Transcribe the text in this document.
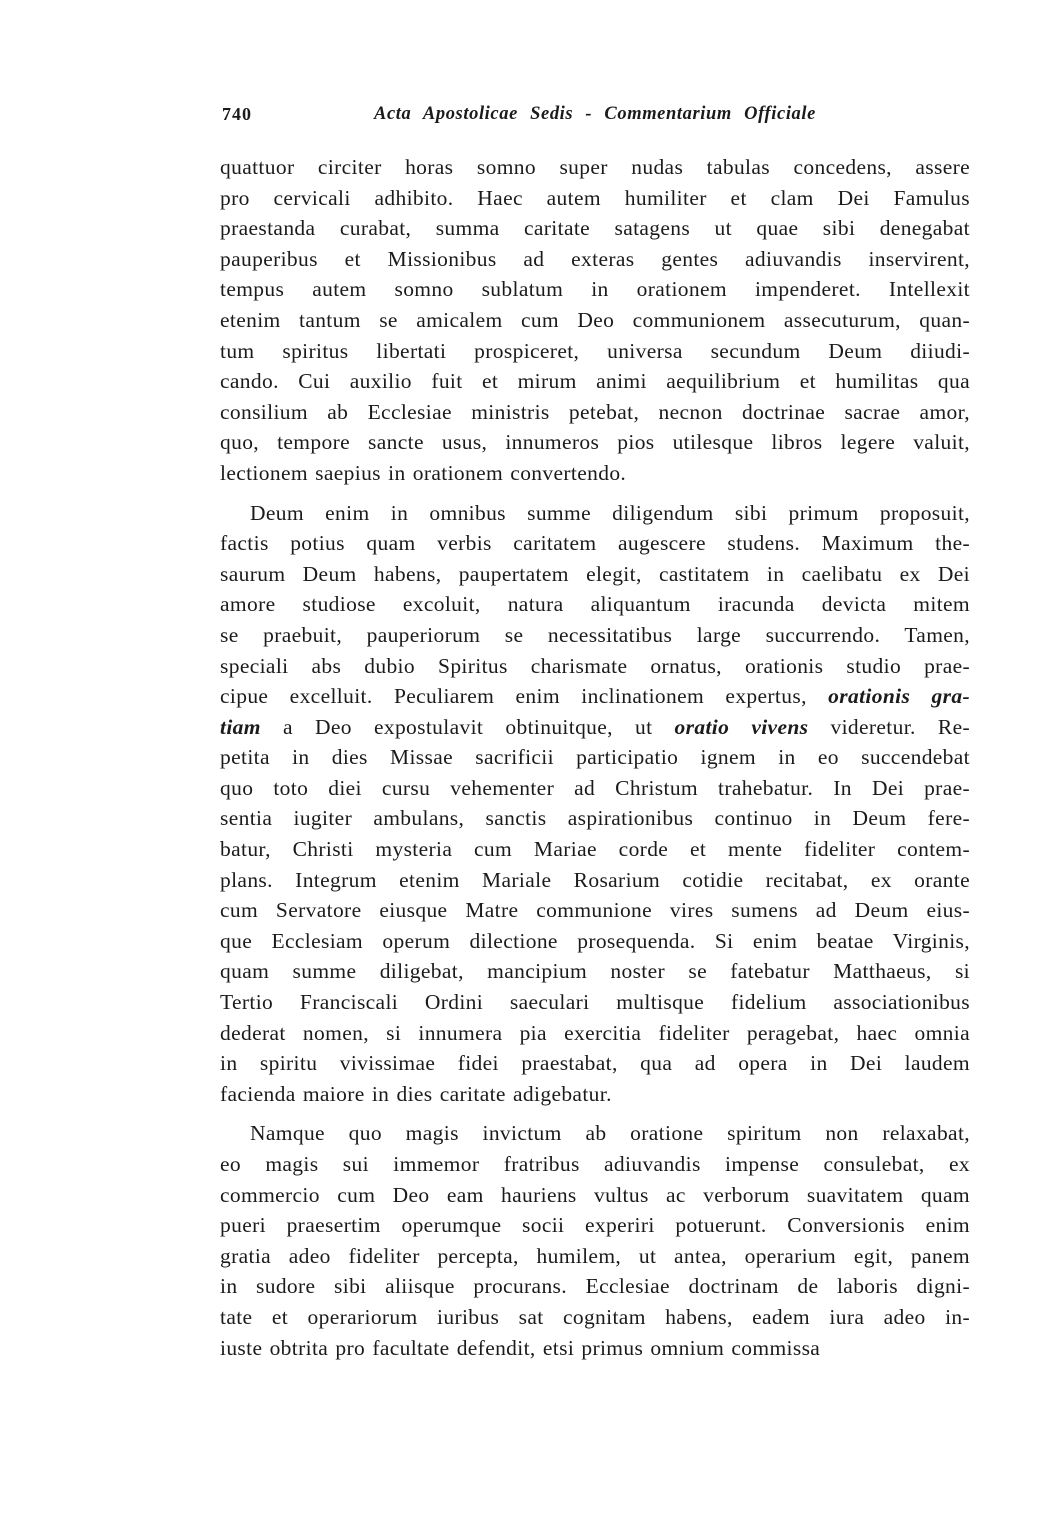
740	Acta Apostolicae Sedis - Commentarium Officiale
quattuor circiter horas somno super nudas tabulas concedens, assere
pro cervicali adhibito. Haec autem humiliter et clam Dei Famulus
praestanda curabat, summa caritate satagens ut quae sibi denegabat
pauperibus et Missionibus ad exteras gentes adiuvandis inservirent,
tempus autem somno sublatum in orationem impenderet. Intellexit
etenim tantum se amicalem cum Deo communionem assecuturum, quan-
tum spiritus libertati prospiceret, universa secundum Deum diiudi-
cando. Cui auxilio fuit et mirum animi aequilibrium et humilitas qua
consilium ab Ecclesiae ministris petebat, necnon doctrinae sacrae amor,
quo, tempore sancte usus, innumeros pios utilesque libros legere valuit,
lectionem saepius in orationem convertendo.
Deum enim in omnibus summe diligendum sibi primum proposuit,
factis potius quam verbis caritatem augescere studens. Maximum the-
saurum Deum habens, paupertatem elegit, castitatem in caelibatu ex Dei
amore studiose excoluit, natura aliquantum iracunda devicta mitem
se praebuit, pauperiorum se necessitatibus large succurrendo. Tamen,
speciali abs dubio Spiritus charismate ornatus, orationis studio prae-
cipue excelluit. Peculiarem enim inclinationem expertus, orationis gra-
tiam a Deo expostulavit obtinuitque, ut oratio vivens videretur. Re-
petita in dies Missae sacrificii participatio ignem in eo succendebat
quo toto diei cursu vehementer ad Christum trahebatur. In Dei prae-
sentia iugiter ambulans, sanctis aspirationibus continuo in Deum fere-
batur, Christi mysteria cum Mariae corde et mente fideliter contem-
plans. Integrum etenim Mariale Rosarium cotidie recitabat, ex orante
cum Servatore eiusque Matre communione vires sumens ad Deum eius-
que Ecclesiam operum dilectione prosequenda. Si enim beatae Virginis,
quam summe diligebat, mancipium noster se fatebatur Matthaeus, si
Tertio Franciscali Ordini saeculari multisque fidelium associationibus
dederat nomen, si innumera pia exercitia fideliter peragebat, haec omnia
in spiritu vivissimae fidei praestabat, qua ad opera in Dei laudem
facienda maiore in dies caritate adigebatur.
Namque quo magis invictum ab oratione spiritum non relaxabat,
eo magis sui immemor fratribus adiuvandis impense consulebat, ex
commercio cum Deo eam hauriens vultus ac verborum suavitatem quam
pueri praesertim operumque socii experiri potuerunt. Conversionis enim
gratia adeo fideliter percepta, humilem, ut antea, operarium egit, panem
in sudore sibi aliisque procurans. Ecclesiae doctrinam de laboris digni-
tate et operariorum iuribus sat cognitam habens, eadem iura adeo in-
iuste obtrita pro facultate defendit, etsi primus omnium commissa
